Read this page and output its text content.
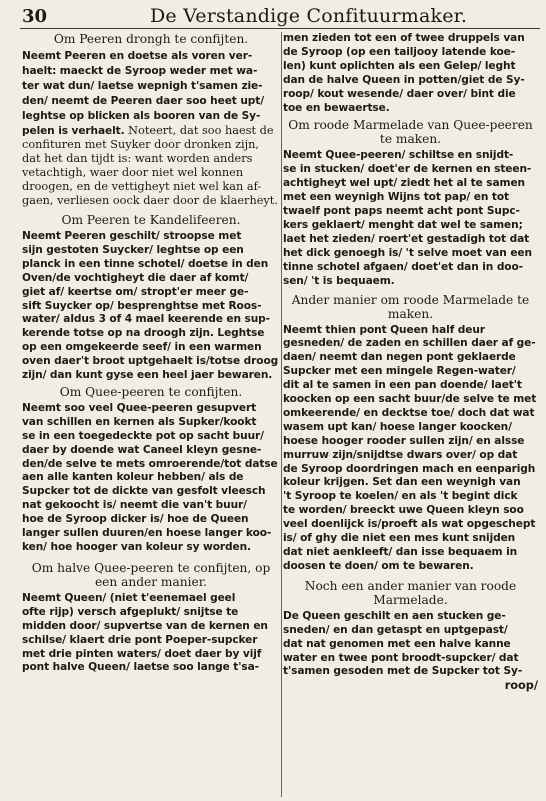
30	De Verstandige Confituurmaker.
Om Peeren drongh te confijten.

Neemt Peeren en doetse als voren ver-
haelt: maeckt de Syroop weder met wa-
ter wat dun/ laetse wepnigh t'samen zie-
den/ neemt de Peeren daer soo heet upt/
leghtse op blicken als booren van de Sy-
pelen is verhaelt. Noteert, dat soo haest de
confituren met Suyker door dronken zijn,
dat het dan tijdt is: want worden anders
vetachtigh, waer door niet wel konnen
droogen, en de vettigheyt niet wel kan af-
gaen, verliesen oock daer door de klaerheyt.

Om Peeren te Kandelifeeren.

Neemt Peeren geschilt/ stroopse met
sijn gestoten Suycker/ leghtse op een
planck in een tinne schotel/ doetse in den
Oven/de vochtigheyt die daer af komt/
giet af/ keertse om/ stropt'er meer ge-
sift Suycker op/ besprenghtse met Roos-
water/ aldus 3 of 4 mael keerende en sup-
kerende totse op na droogh zijn. Leghtse
op een omgekeerde seef/ in een warmen
oven daer't broot uptgehaelt is/totse droog
zijn/ dan kunt gyse een heel jaer bewaren.

Om Quee-peeren te confijten.

Neemt soo veel Quee-peeren gesupvert
van schillen en kernen als Supker/kookt
se in een toegedeckte pot op sacht buur/
daer by doende wat Caneel kleyn gesne-
den/de selve te mets omroerende/tot datse
aen alle kanten koleur hebben/ als de
Supcker tot de dickte van gesfolt vleesch
nat gekoocht is/ neemt die van't buur/
hoe de Syroop dicker is/ hoe de Queen
langer sullen duuren/en hoese langer koo-
ken/ hoe hooger van koleur sy worden.

Om halve Quee-peeren te confijten, op een ander manier.

Neemt Queen/ (niet t'eenemael geel
ofte rijp) versch afgeplukt/ snijtse te
midden door/ supvertse van de kernen en
schilse/ klaert drie pont Poeper-supcker
met drie pinten waters/ doet daer by vijf
pont halve Queen/ laetse soo lange t'sa-

men zieden tot een of twee druppels van
de Syroop (op een tailjooy latende koe-
len) kunt oplichten als een Gelep/ leght
dan de halve Queen in potten/giet de Sy-
roop/ kout wesende/ daer over/ bint die
toe en bewaertse.

Om roode Marmelade van Quee-peeren te maken.

Neemt Quee-peeren/ schiltse en snijdt-
se in stucken/ doet'er de kernen en steen-
achtigheyt wel upt/ ziedt het al te samen
met een weynigh Wijns tot pap/ en tot
twaelf pont paps neemt acht pont Supc-
kers geklaert/ menght dat wel te samen;
laet het zieden/ roert'et gestadigh tot dat
het dick genoegh is/ 't selve moet van een
tinne schotel afgaen/ doet'et dan in doo-
sen/ 't is bequaem.

Ander manier om roode Marmelade te maken.

Neemt thien pont Queen half deur
gesneden/ de zaden en schillen daer af ge-
daen/ neemt dan negen pont geklaerde
Supcker met een mingele Regen-water/
dit al te samen in een pan doende/ laet't
koocken op een sacht buur/de selve te met
omkeerende/ en decktse toe/ doch dat wat
wasem upt kan/ hoese langer koocken/
hoese hooger rooder sullen zijn/ en alsse
murruw zijn/snijdtse dwars over/ op dat
de Syroop doordringen mach en eenparigh
koleur krijgen. Set dan een weynigh van
't Syroop te koelen/ en als 't begint dick
te worden/ breeckt uwe Queen kleyn soo
veel doenlijck is/proeft als wat opgeschept
is/ of ghy die niet een mes kunt snijden
dat niet aenkleeft/ dan isse bequaem in
doosen te doen/ om te bewaren.

Noch een ander manier van roode Marmelade.

De Queen geschilt en aen stucken ge-
sneden/ en dan getaspt en uptgepast/
dat nat genomen met een halve kanne
water en twee pont broodt-supcker/ dat
t'samen gesoden met de Supcker tot Sy-

roop/
